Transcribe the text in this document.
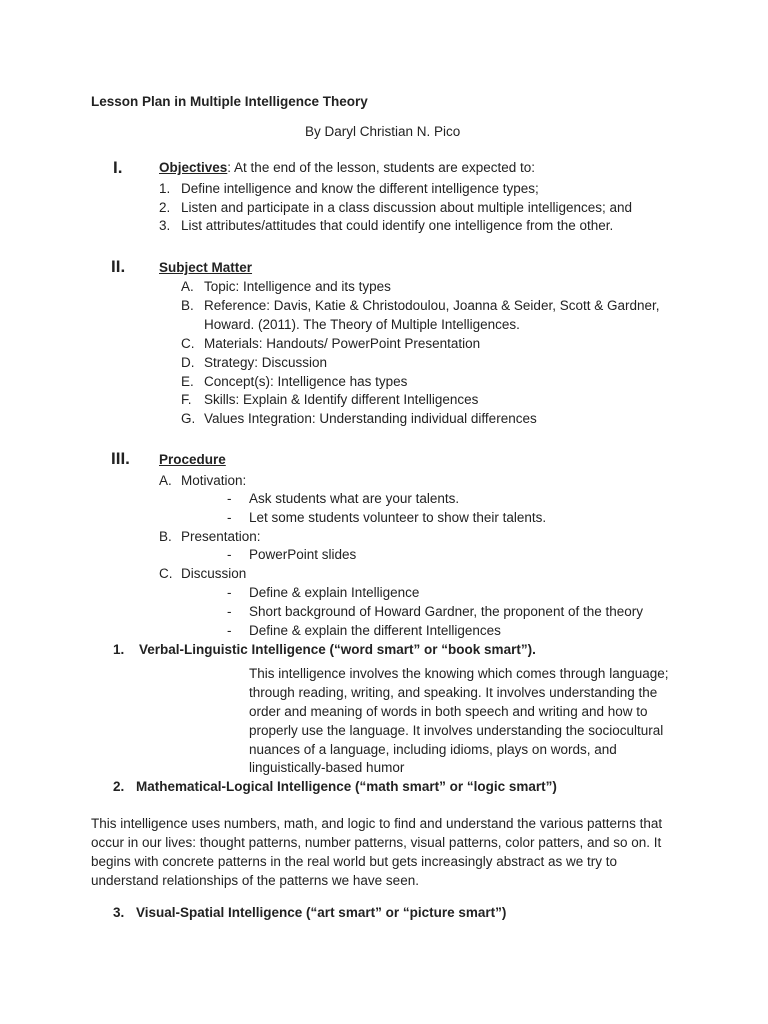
Lesson Plan in Multiple Intelligence Theory
By Daryl Christian N. Pico
I.	Objectives: At the end of the lesson, students are expected to:
1. Define intelligence and know the different intelligence types;
2. Listen and participate in a class discussion about multiple intelligences; and
3. List attributes/attitudes that could identify one intelligence from the other.
II.	Subject Matter
A. Topic: Intelligence and its types
B. Reference: Davis, Katie & Christodoulou, Joanna & Seider, Scott & Gardner,
Howard. (2011). The Theory of Multiple Intelligences.
C. Materials: Handouts/ PowerPoint Presentation
D. Strategy: Discussion
E. Concept(s): Intelligence has types
F. Skills: Explain & Identify different Intelligences
G. Values Integration: Understanding individual differences
III. Procedure
A. Motivation:
- Ask students what are your talents.
- Let some students volunteer to show their talents.
B. Presentation:
- PowerPoint slides
C. Discussion
- Define & explain Intelligence
- Short background of Howard Gardner, the proponent of the theory
- Define & explain the different Intelligences
1. Verbal-Linguistic Intelligence (“word smart” or “book smart”).
This intelligence involves the knowing which comes through language;
through reading, writing, and speaking. It involves understanding the
order and meaning of words in both speech and writing and how to
properly use the language. It involves understanding the sociocultural
nuances of a language, including idioms, plays on words, and
linguistically-based humor
2. Mathematical-Logical Intelligence (“math smart” or “logic smart”)
This intelligence uses numbers, math, and logic to find and understand the various patterns that
occur in our lives: thought patterns, number patterns, visual patterns, color patters, and so on. It
begins with concrete patterns in the real world but gets increasingly abstract as we try to
understand relationships of the patterns we have seen.
3. Visual-Spatial Intelligence (“art smart” or “picture smart”)
